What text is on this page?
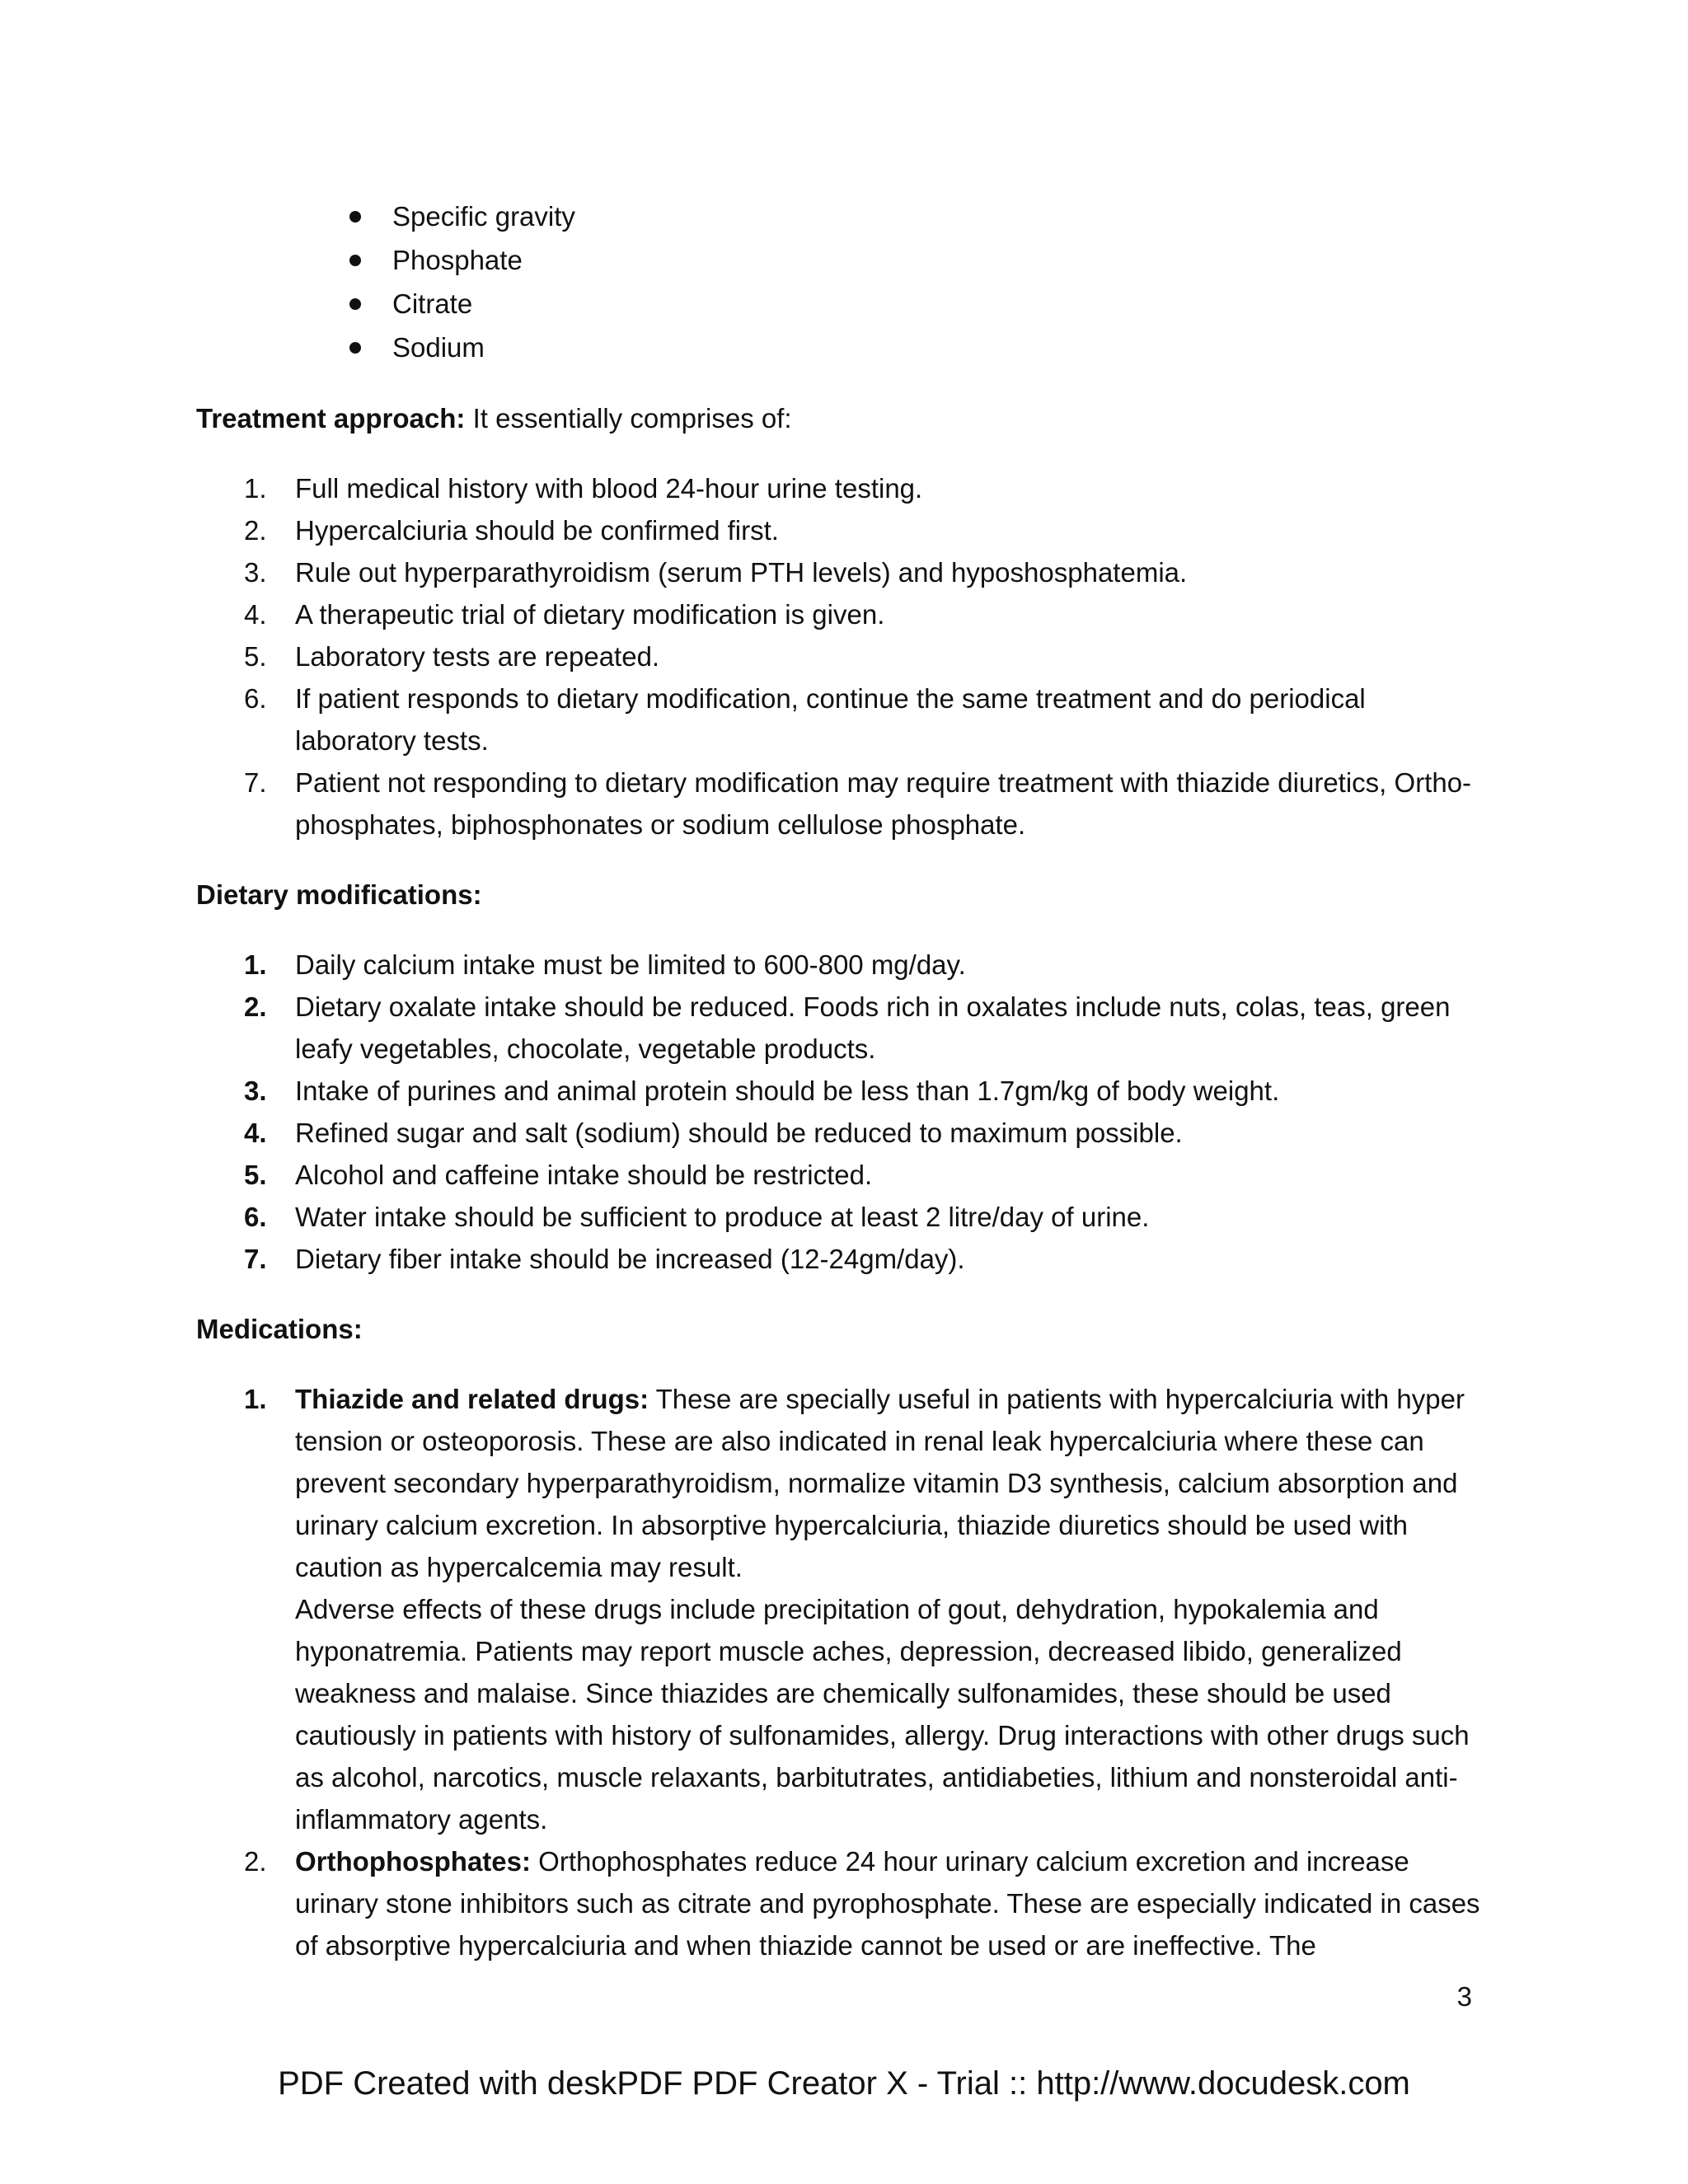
Specific gravity
Phosphate
Citrate
Sodium

Treatment approach: It essentially comprises of:

1. Full medical history with blood 24-hour urine testing.
2. Hypercalciuria should be confirmed first.
3. Rule out hyperparathyroidism (serum PTH levels) and hyposhosphatemia.
4. A therapeutic trial of dietary modification is given.
5. Laboratory tests are repeated.
6. If patient responds to dietary modification, continue the same treatment and do periodical laboratory tests.
7. Patient not responding to dietary modification may require treatment with thiazide diuretics, Ortho-phosphates, biphosphonates or sodium cellulose phosphate.

Dietary modifications:

1. Daily calcium intake must be limited to 600-800 mg/day.
2. Dietary oxalate intake should be reduced. Foods rich in oxalates include nuts, colas, teas, green leafy vegetables, chocolate, vegetable products.
3. Intake of purines and animal protein should be less than 1.7gm/kg of body weight.
4. Refined sugar and salt (sodium) should be reduced to maximum possible.
5. Alcohol and caffeine intake should be restricted.
6. Water intake should be sufficient to produce at least 2 litre/day of urine.
7. Dietary fiber intake should be increased (12-24gm/day).

Medications:

1. Thiazide and related drugs: These are specially useful in patients with hypercalciuria with hyper tension or osteoporosis. These are also indicated in renal leak hypercalciuria where these can prevent secondary hyperparathyroidism, normalize vitamin D3 synthesis, calcium absorption and urinary calcium excretion. In absorptive hypercalciuria, thiazide diuretics should be used with caution as hypercalcemia may result.
Adverse effects of these drugs include precipitation of gout, dehydration, hypokalemia and hyponatremia. Patients may report muscle aches, depression, decreased libido, generalized weakness and malaise. Since thiazides are chemically sulfonamides, these should be used cautiously in patients with history of sulfonamides, allergy. Drug interactions with other drugs such as alcohol, narcotics, muscle relaxants, barbitutrates, antidiabeties, lithium and nonsteroidal anti-inflammatory agents.
2. Orthophosphates: Orthophosphates reduce 24 hour urinary calcium excretion and increase urinary stone inhibitors such as citrate and pyrophosphate. These are especially indicated in cases of absorptive hypercalciuria and when thiazide cannot be used or are ineffective. The
3
PDF Created with deskPDF PDF Creator X - Trial :: http://www.docudesk.com
